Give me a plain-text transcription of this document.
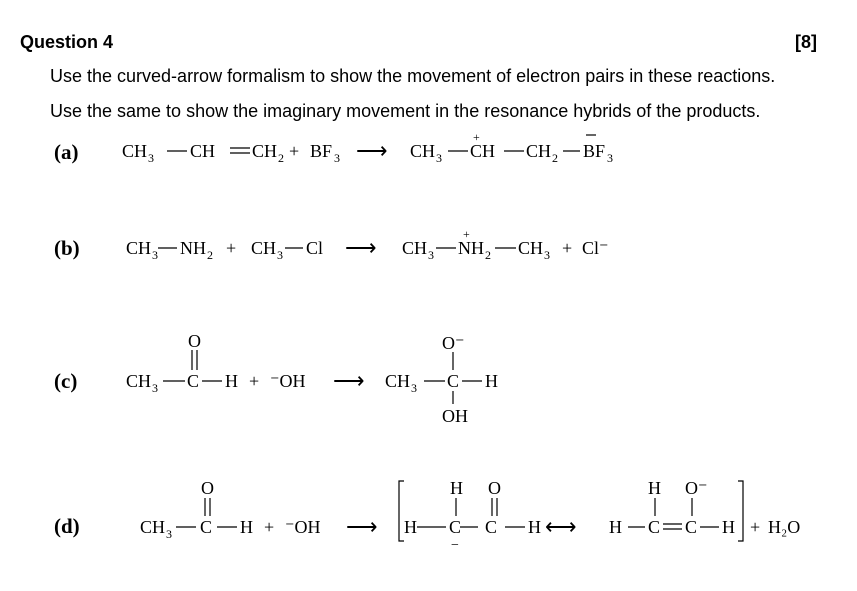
Question 4	[8]
Use the curved-arrow formalism to show the movement of electron pairs in these reactions.
Use the same to show the imaginary movement in the resonance hybrids of the products.
(a)
(b)
(c)
(d)
CH 3 CH CH 2 + BF 3 ⟶ CH 3 CH
+
CH 2 BF 3
CH 3 NH 2 + CH 3 Cl ⟶ CH 3 NH
+
2 CH 3 + Cl⁻
O
CH 3 C H + ⁻OH ⟶
O⁻
CH 3 C H
OH
O
CH 3 C H + ⁻OH ⟶ H
H
C
−
O
C H ⟷ H
H
C
O⁻
C H + H₂O
